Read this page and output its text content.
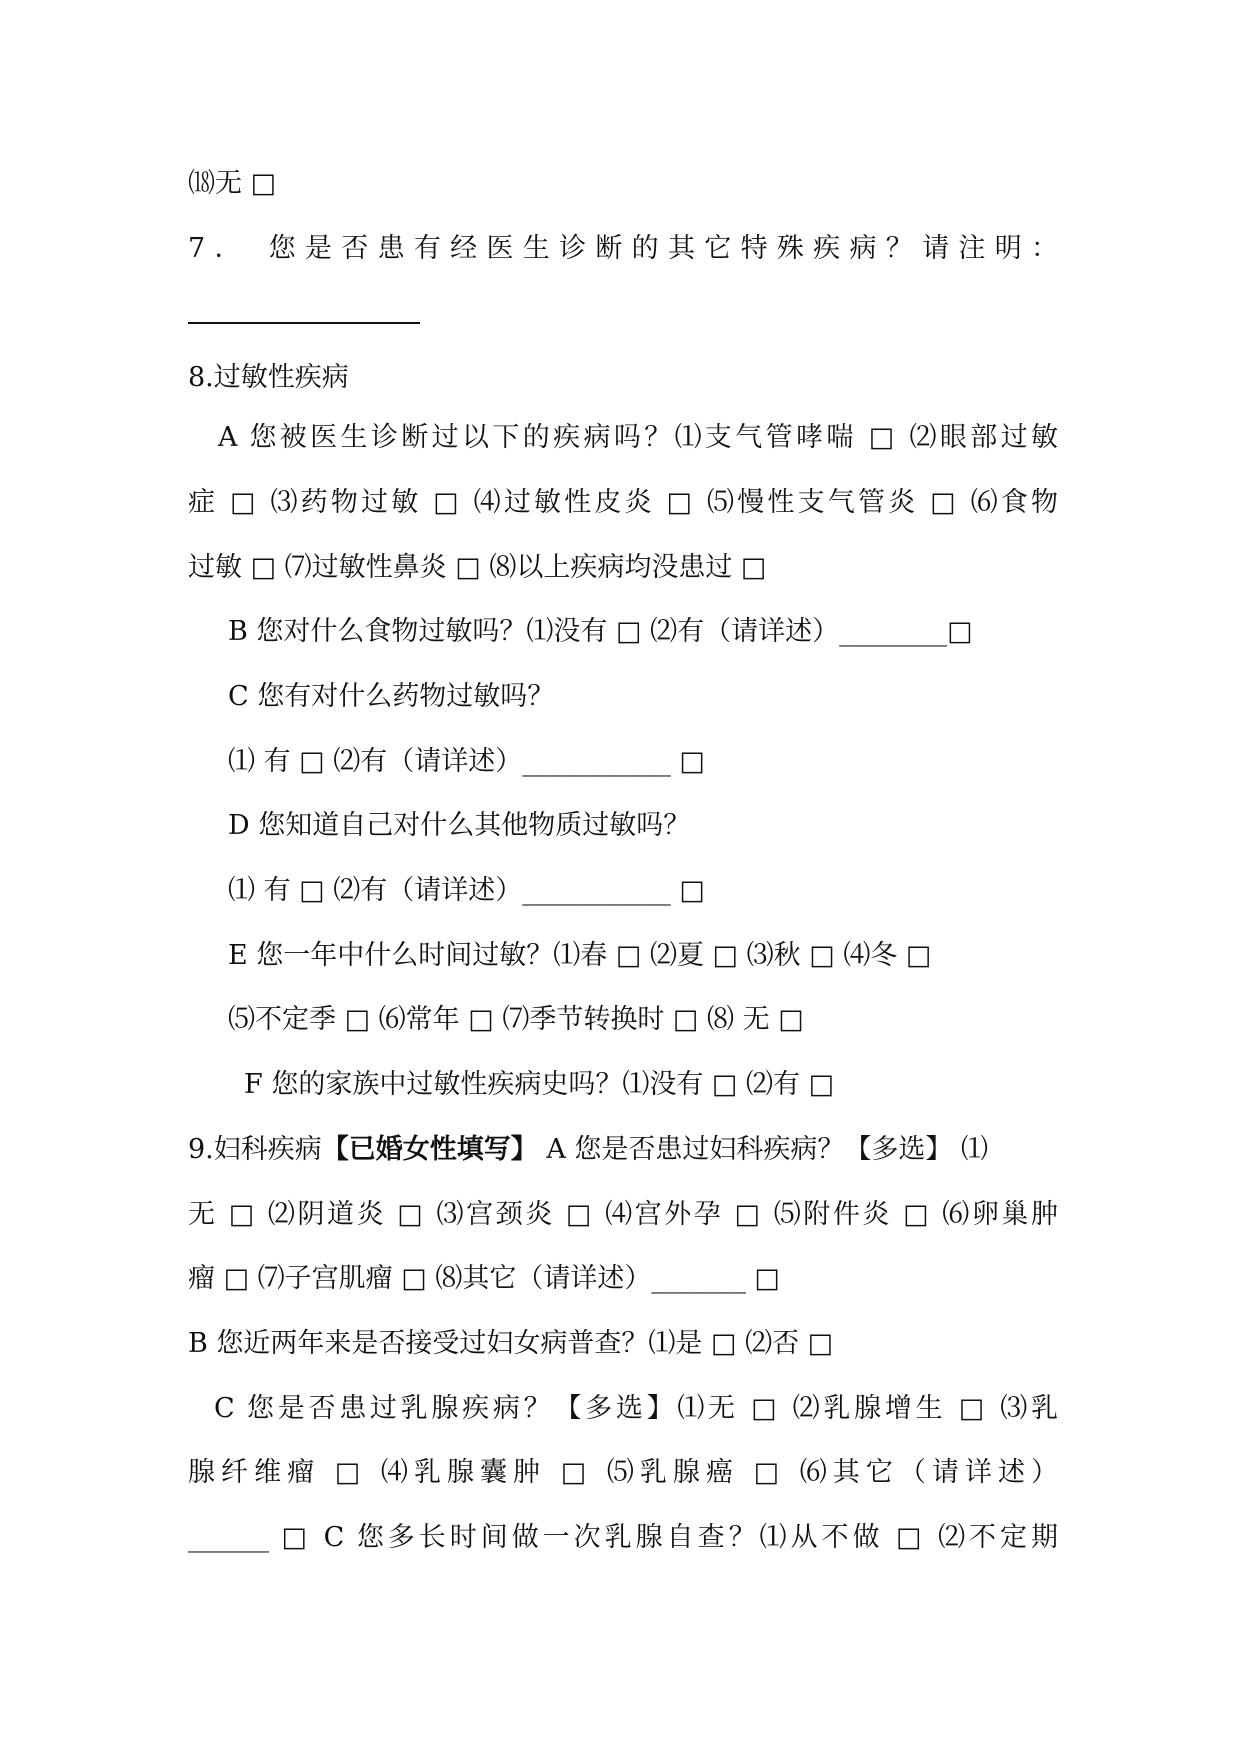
⒅无 □
7． 您是否患有经医生诊断的其它特殊疾病？请注明：
8.过敏性疾病
A 您被医生诊断过以下的疾病吗？⑴支气管哮喘 □ ⑵眼部过敏
症 □ ⑶药物过敏 □ ⑷过敏性皮炎 □ ⑸慢性支气管炎 □ ⑹食物
过敏 □ ⑺过敏性鼻炎 □ ⑻以上疾病均没患过 □
B 您对什么食物过敏吗？⑴没有 □ ⑵有（请详述）________□
C 您有对什么药物过敏吗？
⑴ 有 □ ⑵有（请详述）___________ □
D 您知道自己对什么其他物质过敏吗？
⑴ 有 □ ⑵有（请详述）___________ □
E 您一年中什么时间过敏？⑴春 □ ⑵夏 □ ⑶秋 □ ⑷冬 □
⑸不定季 □ ⑹常年 □ ⑺季节转换时 □ ⑻ 无 □
F 您的家族中过敏性疾病史吗？⑴没有 □ ⑵有 □
9.妇科疾病【已婚女性填写】 A 您是否患过妇科疾病？【多选】 ⑴
无 □ ⑵阴道炎 □ ⑶宫颈炎 □ ⑷宫外孕 □ ⑸附件炎 □ ⑹卵巢肿
瘤 □ ⑺子宫肌瘤 □ ⑻其它（请详述）_______ □
B 您近两年来是否接受过妇女病普查？⑴是 □ ⑵否 □
C 您是否患过乳腺疾病？【多选】⑴无 □ ⑵乳腺增生 □ ⑶乳
腺纤维瘤 □ ⑷乳腺囊肿 □ ⑸乳腺癌 □ ⑹其它（请详述）
______ □ C 您多长时间做一次乳腺自查？⑴从不做 □ ⑵不定期
